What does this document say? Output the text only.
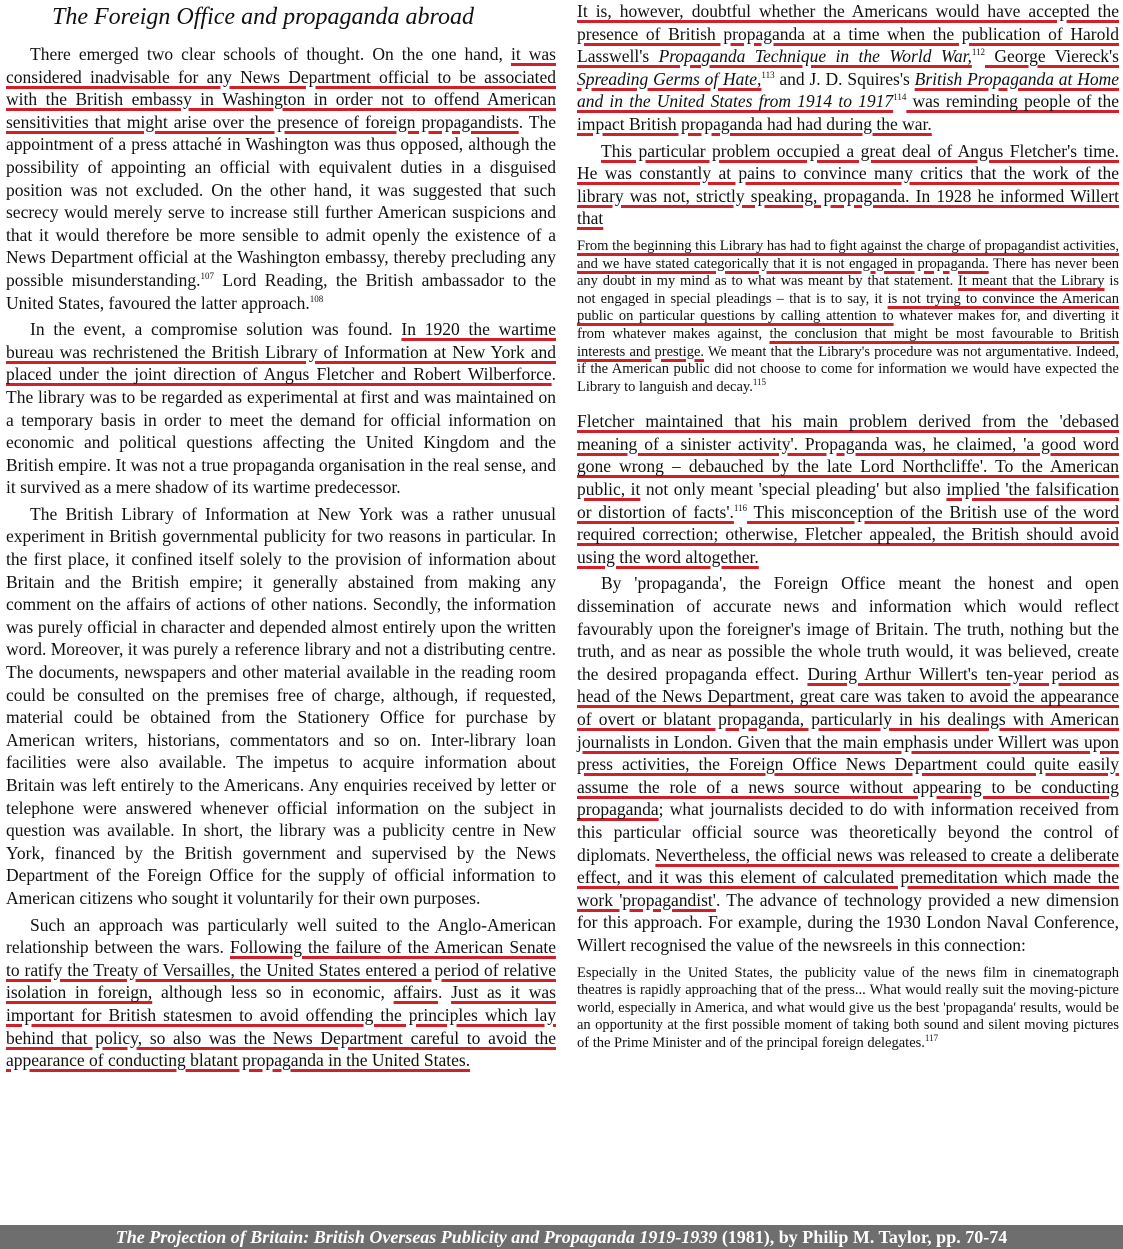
The Foreign Office and propaganda abroad

There emerged two clear schools of thought. On the one hand, it was considered inadvisable for any News Department official to be associated with the British embassy in Washington in order not to offend American sensitivities that might arise over the presence of foreign propagandists. The appointment of a press attaché in Washington was thus opposed, although the possibility of appointing an official with equivalent duties in a disguised position was not excluded. On the other hand, it was suggested that such secrecy would merely serve to increase still further American suspicions and that it would therefore be more sensible to admit openly the existence of a News Department official at the Washington embassy, thereby precluding any possible misunderstanding.$^{107}$ Lord Reading, the British ambassador to the United States, favoured the latter approach.$^{108}$

In the event, a compromise solution was found. In 1920 the wartime bureau was rechristened the British Library of Information at New York and placed under the joint direction of Angus Fletcher and Robert Wilberforce. The library was to be regarded as experimental at first and was maintained on a temporary basis in order to meet the demand for official information on economic and political questions affecting the United Kingdom and the British empire. It was not a true propaganda organisation in the real sense, and it survived as a mere shadow of its wartime predecessor.

The British Library of Information at New York was a rather unusual experiment in British governmental publicity for two reasons in particular. In the first place, it confined itself solely to the provision of information about Britain and the British empire; it generally abstained from making any comment on the affairs of actions of other nations. Secondly, the information was purely official in character and depended almost entirely upon the written word. Moreover, it was purely a reference library and not a distributing centre. The documents, newspapers and other material available in the reading room could be consulted on the premises free of charge, although, if requested, material could be obtained from the Stationery Office for purchase by American writers, historians, commentators and so on. Inter-library loan facilities were also available. The impetus to acquire information about Britain was left entirely to the Americans. Any enquiries received by letter or telephone were answered whenever official information on the subject in question was available. In short, the library was a publicity centre in New York, financed by the British government and supervised by the News Department of the Foreign Office for the supply of official information to American citizens who sought it voluntarily for their own purposes.

Such an approach was particularly well suited to the Anglo-American relationship between the wars. Following the failure of the American Senate to ratify the Treaty of Versailles, the United States entered a period of relative isolation in foreign, although less so in economic, affairs. Just as it was important for British statesmen to avoid offending the principles which lay behind that policy, so also was the News Department careful to avoid the appearance of conducting blatant propaganda in the United States.

It is, however, doubtful whether the Americans would have accepted the presence of British propaganda at a time when the publication of Harold Lasswell's Propaganda Technique in the World War,$^{112}$ George Viereck's Spreading Germs of Hate,$^{113}$ and J. D. Squires's British Propaganda at Home and in the United States from 1914 to 1917$^{114}$ was reminding people of the impact British propaganda had had during the war.

This particular problem occupied a great deal of Angus Fletcher's time. He was constantly at pains to convince many critics that the work of the library was not, strictly speaking, propaganda. In 1928 he informed Willert that

From the beginning this Library has had to fight against the charge of propagandist activities, and we have stated categorically that it is not engaged in propaganda. There has never been any doubt in my mind as to what was meant by that statement. It meant that the Library is not engaged in special pleadings – that is to say, it is not trying to convince the American public on particular questions by calling attention to whatever makes for, and diverting it from whatever makes against, the conclusion that might be most favourable to British interests and prestige. We meant that the Library's procedure was not argumentative. Indeed, if the American public did not choose to come for information we would have expected the Library to languish and decay.$^{115}$

Fletcher maintained that his main problem derived from the 'debased meaning of a sinister activity'. Propaganda was, he claimed, 'a good word gone wrong – debauched by the late Lord Northcliffe'. To the American public, it not only meant 'special pleading' but also implied 'the falsification or distortion of facts'.$^{116}$ This misconception of the British use of the word required correction; otherwise, Fletcher appealed, the British should avoid using the word altogether.

By 'propaganda', the Foreign Office meant the honest and open dissemination of accurate news and information which would reflect favourably upon the foreigner's image of Britain. The truth, nothing but the truth, and as near as possible the whole truth would, it was believed, create the desired propaganda effect. During Arthur Willert's ten-year period as head of the News Department, great care was taken to avoid the appearance of overt or blatant propaganda, particularly in his dealings with American journalists in London. Given that the main emphasis under Willert was upon press activities, the Foreign Office News Department could quite easily assume the role of a news source without appearing to be conducting propaganda; what journalists decided to do with information received from this particular official source was theoretically beyond the control of diplomats. Nevertheless, the official news was released to create a deliberate effect, and it was this element of calculated premeditation which made the work 'propagandist'. The advance of technology provided a new dimension for this approach. For example, during the 1930 London Naval Conference, Willert recognised the value of the newsreels in this connection:

Especially in the United States, the publicity value of the news film in cinematograph theatres is rapidly approaching that of the press... What would really suit the moving-picture world, especially in America, and what would give us the best 'propaganda' results, would be an opportunity at the first possible moment of taking both sound and silent moving pictures of the Prime Minister and of the principal foreign delegates.$^{117}$

The Projection of Britain: British Overseas Publicity and Propaganda 1919-1939 (1981), by Philip M. Taylor, pp. 70-74
